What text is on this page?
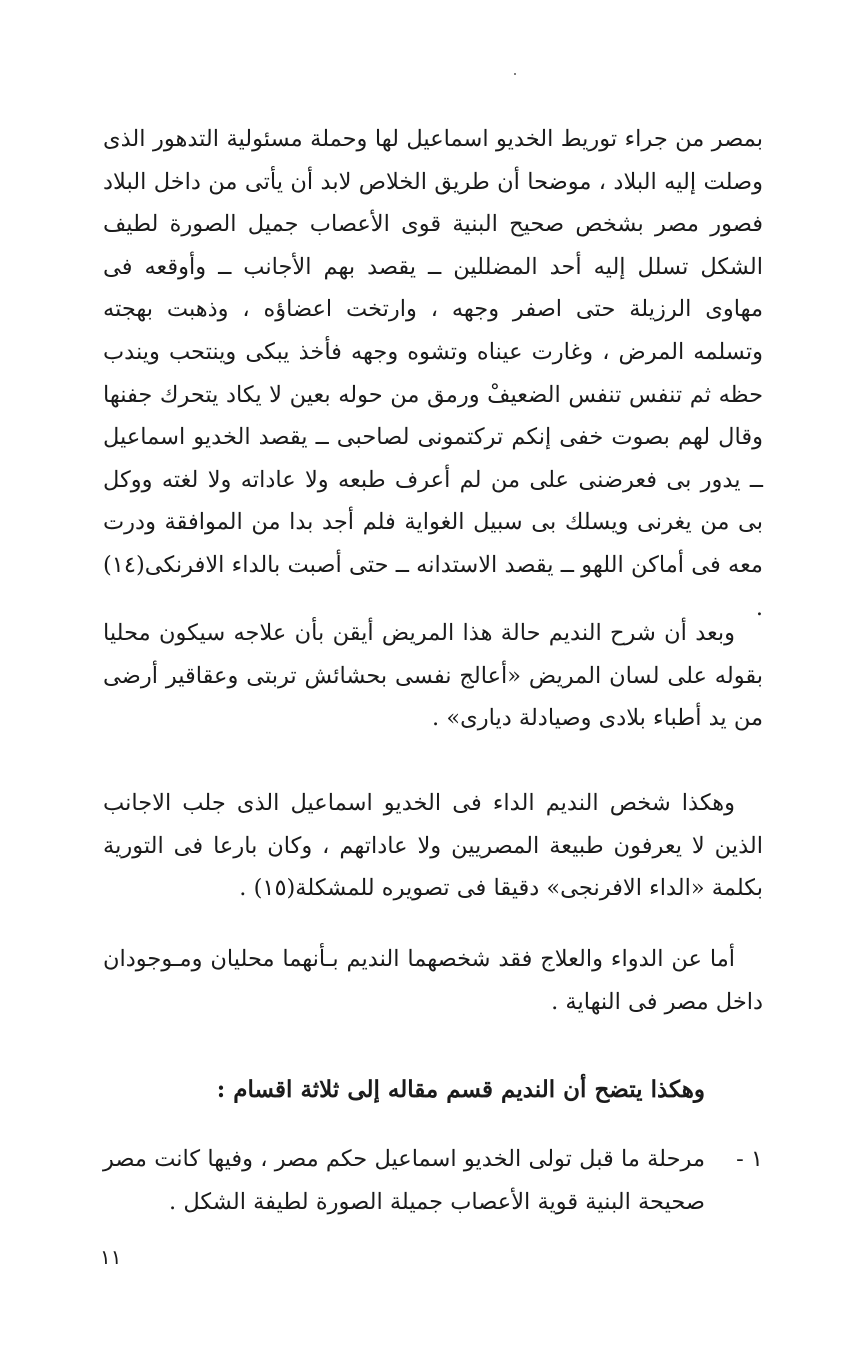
بمصر من جراء توريط الخديو اسماعيل لها وحملة مسئولية التدهور الذى وصلت إليه البلاد ، موضحا أن طريق الخلاص لابد أن يأتى من داخل البلاد فصور مصر بشخص صحيح البنية قوى الأعصاب جميل الصورة لطيف الشكل تسلل إليه أحد المضللين ــ يقصد بهم الأجانب ــ وأوقعه فى مهاوى الرزيلة حتى اصفر وجهه ، وارتخت اعضاؤه ، وذهبت بهجته وتسلمه المرض ، وغارت عيناه وتشوه وجهه فأخذ يبكى وينتحب ويندب حظه ثم تنفس تنفس الضعيفْ ورمق من حوله بعين لا يكاد يتحرك جفنها وقال لهم بصوت خفى إنكم تركتمونى لصاحبى ــ يقصد الخديو اسماعيل ــ يدور بى فعرضنى على من لم أعرف طبعه ولا عاداته ولا لغته ووكل بى من يغرنى ويسلك بى سبيل الغواية فلم أجد بدا من الموافقة ودرت معه فى أماكن اللهو ــ يقصد الاستدانه ــ حتى أصبت بالداء الافرنكى(١٤) .

وبعد أن شرح النديم حالة هذا المريض أيقن بأن علاجه سيكون محليا بقوله على لسان المريض «أعالج نفسى بحشائش تربتى وعقاقير أرضى من يد أطباء بلادى وصيادلة ديارى» .

وهكذا شخص النديم الداء فى الخديو اسماعيل الذى جلب الاجانب الذين لا يعرفون طبيعة المصريين ولا عاداتهم ، وكان بارعا فى التورية بكلمة «الداء الافرنجى» دقيقا فى تصويره للمشكلة(١٥) .

أما عن الدواء والعلاج فقد شخصهما النديم بـأنهما محليان ومـوجودان داخل مصر فى النهاية .

وهكذا يتضح أن النديم قسم مقاله إلى ثلاثة اقسام :

١ -
مرحلة ما قبل تولى الخديو اسماعيل حكم مصر ، وفيها كانت مصر صحيحة البنية قوية الأعصاب جميلة الصورة لطيفة الشكل .
١١
